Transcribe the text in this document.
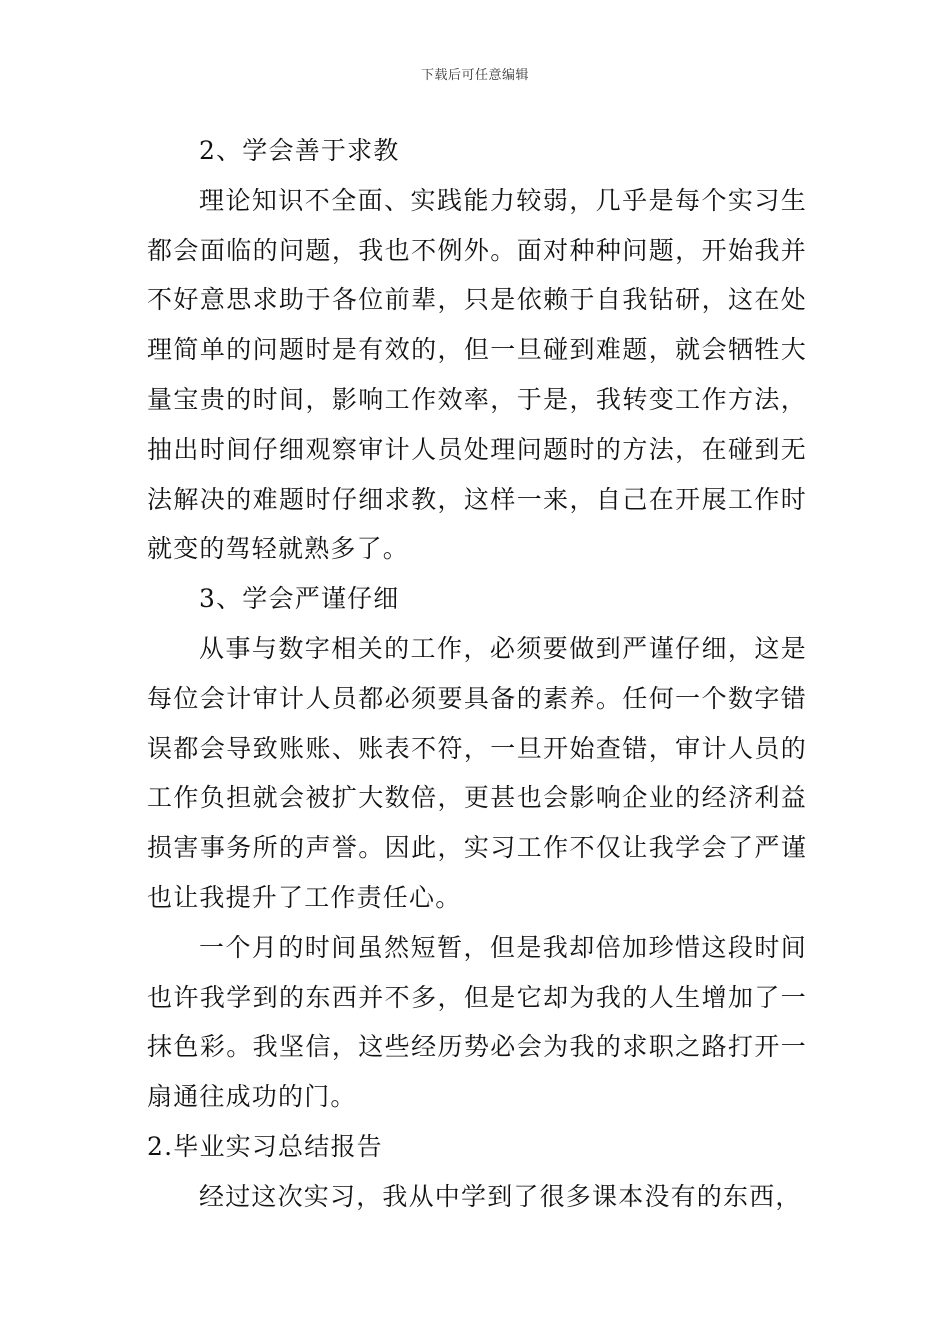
下载后可任意编辑

2、学会善于求教

理论知识不全面、实践能力较弱，几乎是每个实习生都会面临的问题，我也不例外。面对种种问题，开始我并不好意思求助于各位前辈，只是依赖于自我钻研，这在处理简单的问题时是有效的，但一旦碰到难题，就会牺牲大量宝贵的时间，影响工作效率，于是，我转变工作方法，抽出时间仔细观察审计人员处理问题时的方法，在碰到无法解决的难题时仔细求教，这样一来，自己在开展工作时就变的驾轻就熟多了。

3、学会严谨仔细

从事与数字相关的工作，必须要做到严谨仔细，这是每位会计审计人员都必须要具备的素养。任何一个数字错误都会导致账账、账表不符，一旦开始查错，审计人员的工作负担就会被扩大数倍，更甚也会影响企业的经济利益损害事务所的声誉。因此，实习工作不仅让我学会了严谨也让我提升了工作责任心。

一个月的时间虽然短暂，但是我却倍加珍惜这段时间也许我学到的东西并不多，但是它却为我的人生增加了一抹色彩。我坚信，这些经历势必会为我的求职之路打开一扇通往成功的门。

2.毕业实习总结报告

经过这次实习，我从中学到了很多课本没有的东西，
